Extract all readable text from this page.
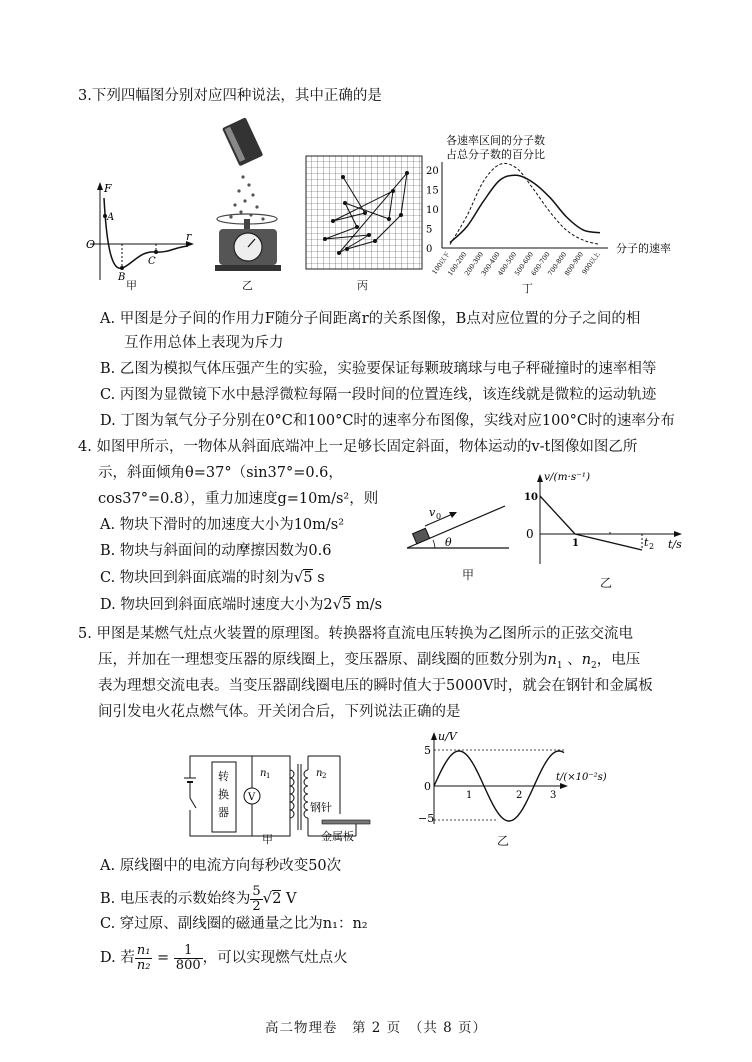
3.下列四幅图分别对应四种说法，其中正确的是
F
r
O
A
B
C
甲	乙	丙
各速率区间的分子数
占总分子数的百分比
分子的速率
0
5
10
15
20
100以下
100-200
200-300
300-400
400-500
500-600
600-700
700-800
800-900
900以上
丁
A. 甲图是分子间的作用力F随分子间距离r的关系图像，B点对应位置的分子之间的相
互作用总体上表现为斥力
B. 乙图为模拟气体压强产生的实验，实验要保证每颗玻璃球与电子秤碰撞时的速率相等
C. 丙图为显微镜下水中悬浮微粒每隔一段时间的位置连线，该连线就是微粒的运动轨迹
D. 丁图为氧气分子分别在0°C和100°C时的速率分布图像，实线对应100°C时的速率分布
4. 如图甲所示，一物体从斜面底端冲上一足够长固定斜面，物体运动的v-t图像如图乙所
示，斜面倾角θ=37°（sin37°=0.6，
cos37°=0.8），重力加速度g=10m/s²，则
A. 物块下滑时的加速度大小为10m/s²
B. 物块与斜面间的动摩擦因数为0.6
C. 物块回到斜面底端的时刻为√5 s
D. 物块回到斜面底端时速度大小为2√5 m/s
v 0
θ
甲
v/(m·s⁻¹)
t/s
10
0
1	t 2
乙
5. 甲图是某燃气灶点火装置的原理图。转换器将直流电压转换为乙图所示的正弦交流电
压，并加在一理想变压器的原线圈上，变压器原、副线圈的匝数分别为$n_1$ 、$n_2$，电压
表为理想交流电表。当变压器副线圈电压的瞬时值大于5000V时，就会在钢针和金属板
间引发电火花点燃气体。开关闭合后，下列说法正确的是
转
换
器
V
n 1	n 2
钢针
金属板
甲
u/V
t/(×10⁻²s)
5
−5
0
1	2	3
乙
A. 原线圈中的电流方向每秒改变50次
B. 电压表的示数始终为 $\frac{5}{2} √2$ V
C. 穿过原、副线圈的磁通量之比为n₁：n₂
D. 若 $\frac{\text{n₁}}{\text{n₂}} = \frac{1}{800}$ ，可以实现燃气灶点火
高二物理卷　第 2 页　（共 8 页）
